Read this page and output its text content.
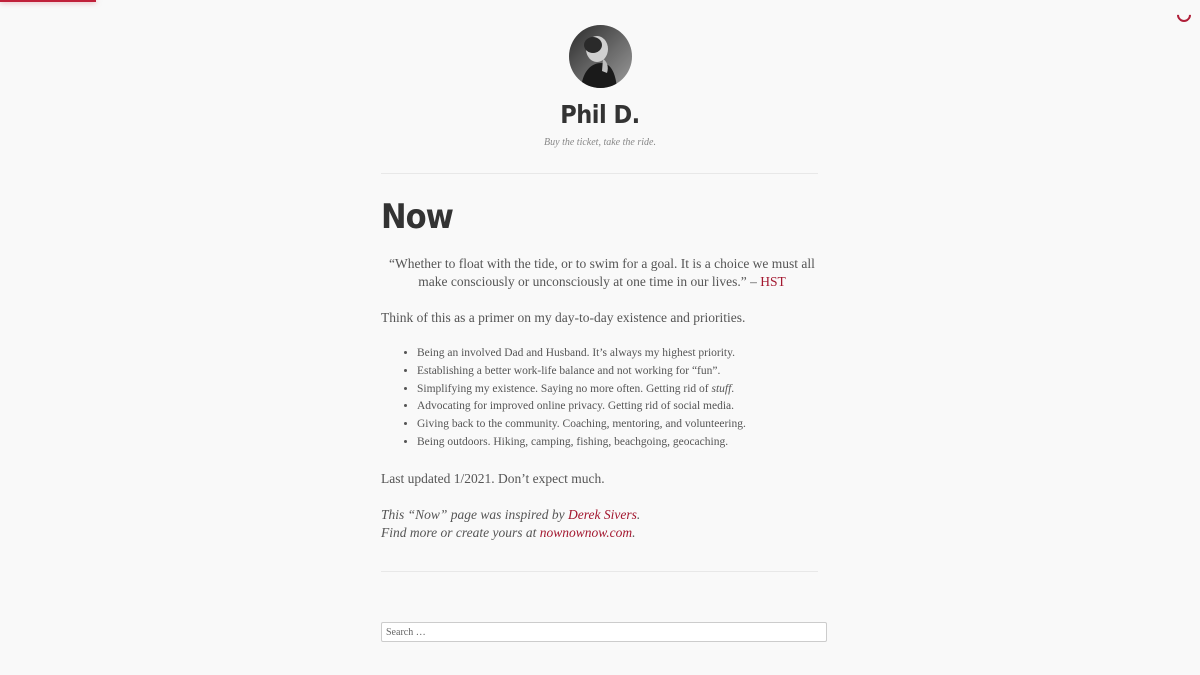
Phil D.
Buy the ticket, take the ride.
Now

“Whether to float with the tide, or to swim for a goal. It is a choice we must all make consciously or unconsciously at one time in our lives.” – HST

Think of this as a primer on my day-to-day existence and priorities.

• Being an involved Dad and Husband. It’s always my highest priority.
• Establishing a better work-life balance and not working for “fun”.
• Simplifying my existence. Saying no more often. Getting rid of stuff.
• Advocating for improved online privacy. Getting rid of social media.
• Giving back to the community. Coaching, mentoring, and volunteering.
• Being outdoors. Hiking, camping, fishing, beachgoing, geocaching.

Last updated 1/2021. Don’t expect much.

This “Now” page was inspired by Derek Sivers.
Find more or create yours at nownownow.com.

Search …
